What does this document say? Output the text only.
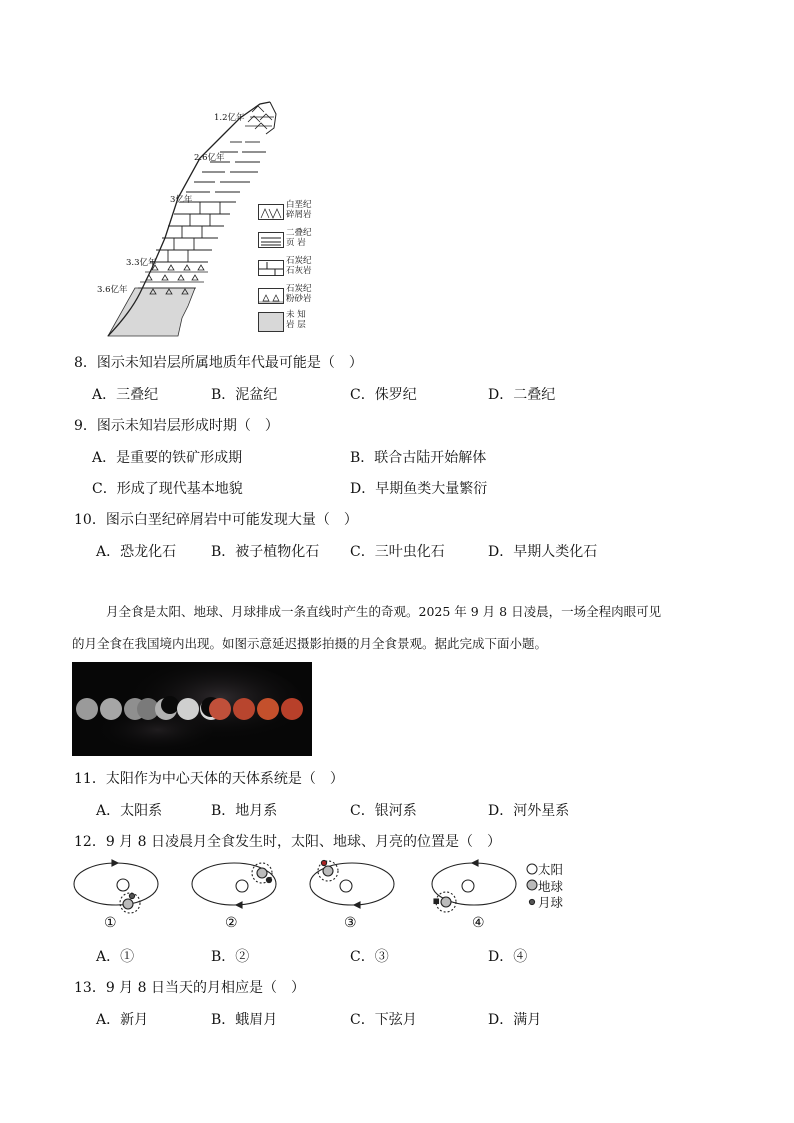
1.2亿年
2.6亿年
3亿年
3.3亿年
3.6亿年
白垩纪
碎屑岩
二叠纪
页 岩
石炭纪
石灰岩
石炭纪
粉砂岩
未 知
岩 层
8．图示未知岩层所属地质年代最可能是（　）
A．三叠纪	B．泥盆纪	C．侏罗纪	D．二叠纪
9．图示未知岩层形成时期（　）
A．是重要的铁矿形成期	B．联合古陆开始解体
C．形成了现代基本地貌	D．早期鱼类大量繁衍
10．图示白垩纪碎屑岩中可能发现大量（　）
A．恐龙化石 B．被子植物化石 C．三叶虫化石	D．早期人类化石
月全食是太阳、地球、月球排成一条直线时产生的奇观。2025 年 9 月 8 日凌晨，一场全程肉眼可见
的月全食在我国境内出现。如图示意延迟摄影拍摄的月全食景观。据此完成下面小题。
11．太阳作为中心天体的天体系统是（　）
A．太阳系	B．地月系	C．银河系	D．河外星系
12．9 月 8 日凌晨月全食发生时，太阳、地球、月亮的位置是（　）
太阳
地球
月球
①	②	③	④
A．①	B．②	C．③	D．④
13．9 月 8 日当天的月相应是（　）
A．新月	B．蛾眉月	C．下弦月	D．满月
